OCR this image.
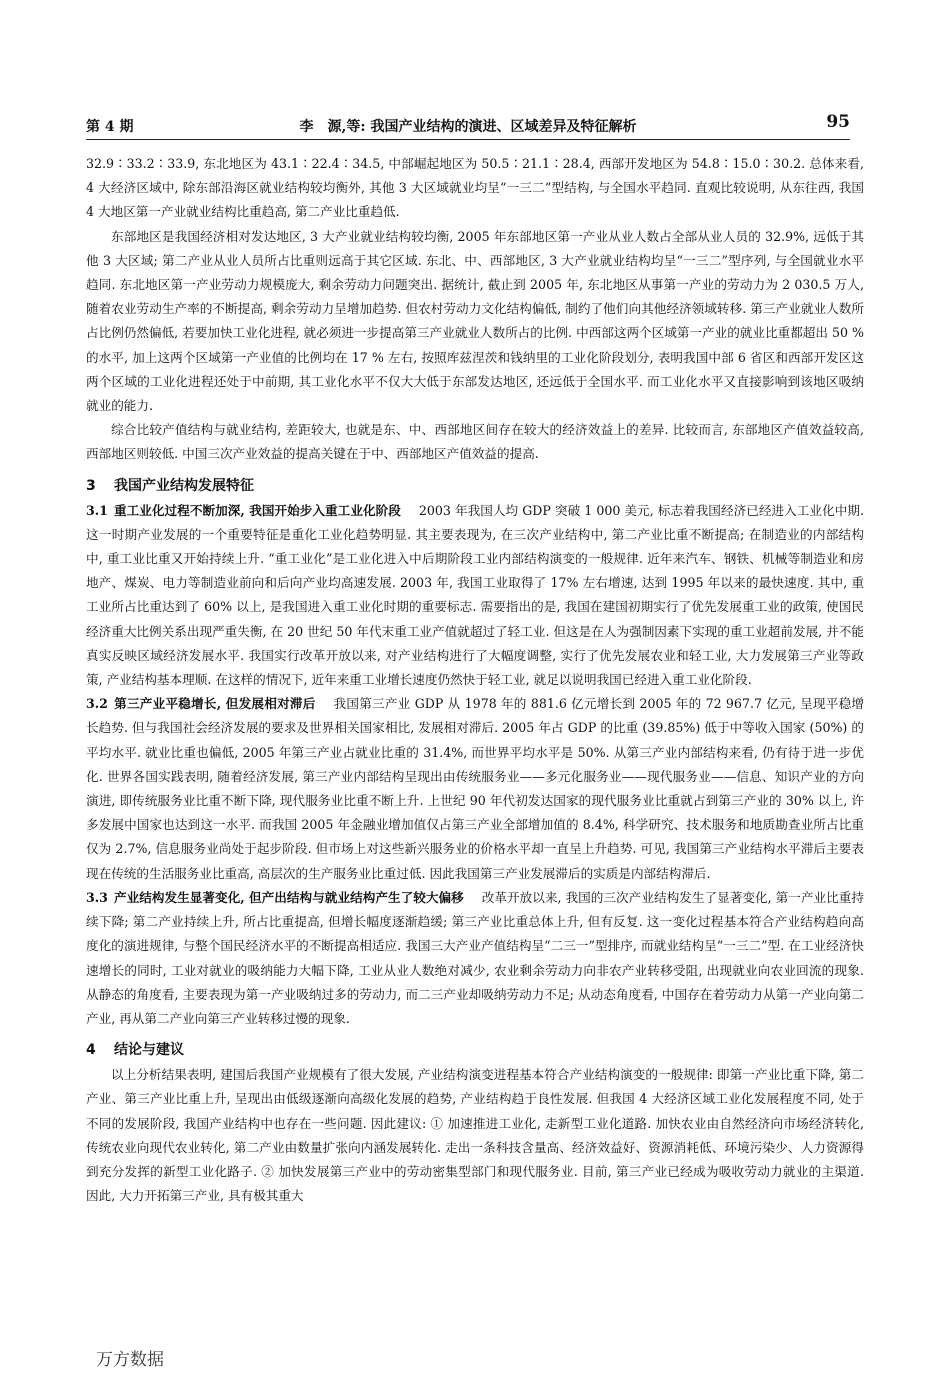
第 4 期	李　源,等: 我国产业结构的演进、区域差异及特征解析	95

32.9∶33.2∶33.9, 东北地区为 43.1∶22.4∶34.5, 中部崛起地区为 50.5∶21.1∶28.4, 西部开发地区为 54.8∶15.0∶30.2. 总体来看, 4 大经济区域中, 除东部沿海区就业结构较均衡外, 其他 3 大区域就业均呈“一三二”型结构, 与全国水平趋同. 直观比较说明, 从东往西, 我国 4 大地区第一产业就业结构比重趋高, 第二产业比重趋低.

东部地区是我国经济相对发达地区, 3 大产业就业结构较均衡, 2005 年东部地区第一产业从业人数占全部从业人员的 32.9%, 远低于其他 3 大区域; 第二产业从业人员所占比重则远高于其它区域. 东北、中、西部地区, 3 大产业就业结构均呈“一三二”型序列, 与全国就业水平趋同. 东北地区第一产业劳动力规模庞大, 剩余劳动力问题突出. 据统计, 截止到 2005 年, 东北地区从事第一产业的劳动力为 2 030.5 万人, 随着农业劳动生产率的不断提高, 剩余劳动力呈增加趋势. 但农村劳动力文化结构偏低, 制约了他们向其他经济领域转移. 第三产业就业人数所占比例仍然偏低, 若要加快工业化进程, 就必须进一步提高第三产业就业人数所占的比例. 中西部这两个区域第一产业的就业比重都超出 50 % 的水平, 加上这两个区域第一产业值的比例均在 17 % 左右, 按照库兹涅茨和钱纳里的工业化阶段划分, 表明我国中部 6 省区和西部开发区这两个区域的工业化进程还处于中前期, 其工业化水平不仅大大低于东部发达地区, 还远低于全国水平. 而工业化水平又直接影响到该地区吸纳就业的能力.

综合比较产值结构与就业结构, 差距较大, 也就是东、中、西部地区间存在较大的经济效益上的差异. 比较而言, 东部地区产值效益较高, 西部地区则较低. 中国三次产业效益的提高关键在于中、西部地区产值效益的提高.

3 我国产业结构发展特征

3.1 重工业化过程不断加深, 我国开始步入重工业化阶段 2003 年我国人均 GDP 突破 1 000 美元, 标志着我国经济已经进入工业化中期. 这一时期产业发展的一个重要特征是重化工业化趋势明显. 其主要表现为, 在三次产业结构中, 第二产业比重不断提高; 在制造业的内部结构中, 重工业比重又开始持续上升. “重工业化”是工业化进入中后期阶段工业内部结构演变的一般规律. 近年来汽车、钢铁、机械等制造业和房地产、煤炭、电力等制造业前向和后向产业均高速发展. 2003 年, 我国工业取得了 17% 左右增速, 达到 1995 年以来的最快速度. 其中, 重工业所占比重达到了 60% 以上, 是我国进入重工业化时期的重要标志. 需要指出的是, 我国在建国初期实行了优先发展重工业的政策, 使国民经济重大比例关系出现严重失衡, 在 20 世纪 50 年代末重工业产值就超过了轻工业. 但这是在人为强制因素下实现的重工业超前发展, 并不能真实反映区域经济发展水平. 我国实行改革开放以来, 对产业结构进行了大幅度调整, 实行了优先发展农业和轻工业, 大力发展第三产业等政策, 产业结构基本理顺. 在这样的情况下, 近年来重工业增长速度仍然快于轻工业, 就足以说明我国已经进入重工业化阶段.

3.2 第三产业平稳增长, 但发展相对滞后 我国第三产业 GDP 从 1978 年的 881.6 亿元增长到 2005 年的 72 967.7 亿元, 呈现平稳增长趋势. 但与我国社会经济发展的要求及世界相关国家相比, 发展相对滞后. 2005 年占 GDP 的比重 (39.85%) 低于中等收入国家 (50%) 的平均水平. 就业比重也偏低, 2005 年第三产业占就业比重的 31.4%, 而世界平均水平是 50%. 从第三产业内部结构来看, 仍有待于进一步优化. 世界各国实践表明, 随着经济发展, 第三产业内部结构呈现出由传统服务业——多元化服务业——现代服务业——信息、知识产业的方向演进, 即传统服务业比重不断下降, 现代服务业比重不断上升. 上世纪 90 年代初发达国家的现代服务业比重就占到第三产业的 30% 以上, 许多发展中国家也达到这一水平. 而我国 2005 年金融业增加值仅占第三产业全部增加值的 8.4%, 科学研究、技术服务和地质勘查业所占比重仅为 2.7%, 信息服务业尚处于起步阶段. 但市场上对这些新兴服务业的价格水平却一直呈上升趋势. 可见, 我国第三产业结构水平滞后主要表现在传统的生活服务业比重高, 高层次的生产服务业比重过低. 因此我国第三产业发展滞后的实质是内部结构滞后.

3.3 产业结构发生显著变化, 但产出结构与就业结构产生了较大偏移 改革开放以来, 我国的三次产业结构发生了显著变化, 第一产业比重持续下降; 第二产业持续上升, 所占比重提高, 但增长幅度逐渐趋缓; 第三产业比重总体上升, 但有反复. 这一变化过程基本符合产业结构趋向高度化的演进规律, 与整个国民经济水平的不断提高相适应. 我国三大产业产值结构呈“二三一”型排序, 而就业结构呈“一三二”型. 在工业经济快速增长的同时, 工业对就业的吸纳能力大幅下降, 工业从业人数绝对减少, 农业剩余劳动力向非农产业转移受阻, 出现就业向农业回流的现象. 从静态的角度看, 主要表现为第一产业吸纳过多的劳动力, 而二三产业却吸纳劳动力不足; 从动态角度看, 中国存在着劳动力从第一产业向第二产业, 再从第二产业向第三产业转移过慢的现象.

4 结论与建议

以上分析结果表明, 建国后我国产业规模有了很大发展, 产业结构演变进程基本符合产业结构演变的一般规律: 即第一产业比重下降, 第二产业、第三产业比重上升, 呈现出由低级逐渐向高级化发展的趋势, 产业结构趋于良性发展. 但我国 4 大经济区域工业化发展程度不同, 处于不同的发展阶段, 我国产业结构中也存在一些问题. 因此建议: ① 加速推进工业化, 走新型工业化道路. 加快农业由自然经济向市场经济转化, 传统农业向现代农业转化, 第二产业由数量扩张向内涵发展转化. 走出一条科技含量高、经济效益好、资源消耗低、环境污染少、人力资源得到充分发挥的新型工业化路子. ② 加快发展第三产业中的劳动密集型部门和现代服务业. 目前, 第三产业已经成为吸收劳动力就业的主渠道. 因此, 大力开拓第三产业, 具有极其重大

万方数据
